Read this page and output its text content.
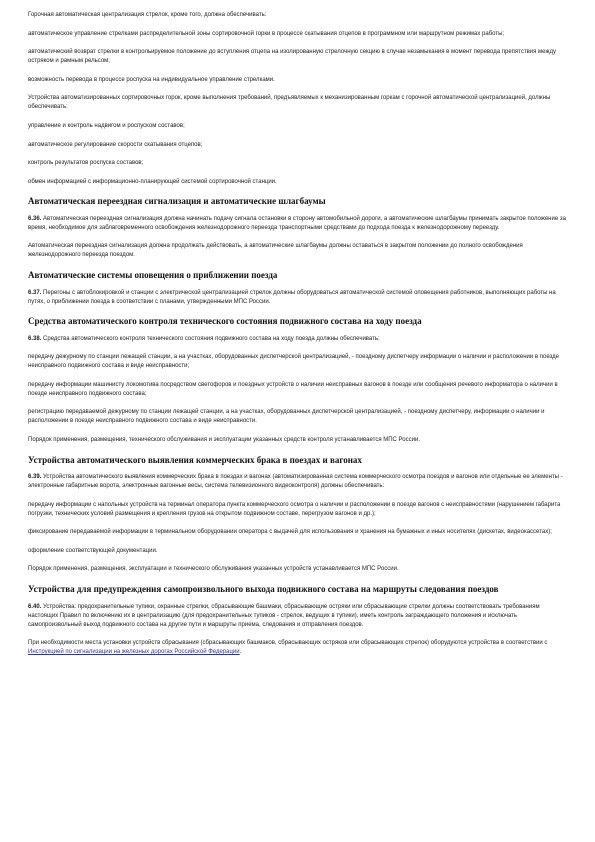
Горочная автоматическая централизация стрелок, кроме того, должна обеспечивать:

автоматическое управление стрелками распределительной зоны сортировочной горки в процессе скатывания отцепов в программном или маршрутном режимах работы;

автоматический возврат стрелки в контрольируемое положение до вступления отцепа на изолированную стрелочную секцию в случае незамыкания в момент перевода препятствия между остряком и рамным рельсом;

возможность перевода в процессе роспуска на индивидуальное управление стрелками.

Устройства автоматизированных сортировочных горок, кроме выполнения требований, предъявляемых к механизированным горкам с горочной автоматической централизацией, должны обеспечивать:

управление и контроль надвигом и роспуском составов;

автоматическое регулирование скорости скатывания отцепов;

контроль результатов роспуска составов;

обмен информацией с информационно-планирующей системой сортировочной станции.

Автоматическая переездная сигнализация и автоматические шлагбаумы

6.36. Автоматическая переездная сигнализация должна начинать подачу сигнала остановки в сторону автомобильной дороги, а автоматические шлагбаумы принимать закрытое положение за время, необходимое для заблаговременного освобождения железнодорожного переезда транспортными средствами до подхода поезда к железнодорожному переезду.

Автоматическая переездная сигнализация должна продолжать действовать, а автоматические шлагбаумы должны оставаться в закрытом положении до полного освобождения железнодорожного переезда поездом.

Автоматические системы оповещения о приближении поезда

6.37. Перегоны с автоблокировкой и станции с электрической централизацией стрелок должны оборудоваться автоматической системой оповещения работников, выполняющих работы на путях, о приближении поезда в соответствии с планами, утвержденными МПС России.

Средства автоматического контроля технического состояния подвижного состава на ходу поезда

6.38. Средства автоматического контроля технического состояния подвижного состава на ходу поезда должны обеспечивать:

передачу дежурному по станции лежащей станции, а на участках, оборудованных диспетчерской централизацией, - поездному диспетчеру информации о наличии и расположении в поезде неисправного подвижного состава и виде неисправности;

передачу информации машинисту локомотива посредством светофоров и поездных устройств о наличии неисправных вагонов в поезде или сообщения речевого информатора о наличии в поезде неисправного подвижного состава;

регистрацию передаваемой дежурному по станции лежащей станции, а на участках, оборудованных диспетчерской централизацией, - поездному диспетчеру, информации о наличии и расположении в поезде неисправного подвижного состава и виде неисправности.

Порядок применения, размещения, технического обслуживания и эксплуатации указанных средств контроля устанавливается МПС России.

Устройства автоматического выявления коммерческих брака в поездах и вагонах

6.39. Устройства автоматического выявления коммерческих брака в поездах и вагонах (автоматизированная система коммерческого осмотра поездов и вагонов или отдельные ее элементы - электронные габаритные ворота, электронные вагонные весы, система телевизионного видеоконтроля) должны обеспечивать:

передачу информации с напольных устройств на терминал оператора пункта коммерческого осмотра о наличии и расположении в поезде вагонов с неисправностями (нарушением габарита погрузки, технических условий размещения и крепления грузов на открытом подвижном составе, перегрузом вагонов и др.);

фиксирование передаваемой информации в терминальном оборудовании оператора с выдачей для использования и хранения на бумажных и иных носителях (дискетах, видеокассетах);

оформление соответствующей документации.

Порядок применения, размещения, эксплуатации и технического обслуживания указанных устройств устанавливается МПС России.

Устройства для предупреждения самопроизвольного выхода подвижного состава на маршруты следования поездов

6.40. Устройства: предохранительные тупики, охранные стрелки, сбрасывающие башмаки, сбрасывающие остряки или сбрасывающие стрелки должны соответствовать требованиям настоящих Правил по включению их в централизацию (для предохранительных тупиков - стрелок, ведущих в тупики), иметь контроль заграждающего положения и исключать самопроизвольный выход подвижного состава на другие пути и маршруты приема, следования и отправления поездов.

При необходимости места установки устройств сбрасывания (сбрасывающих башмаков, сбрасывающих остряков или сбрасывающих стрелок) оборудуются устройства в соответствии с Инструкцией по сигнализации на железных дорогах Российской Федерации.
